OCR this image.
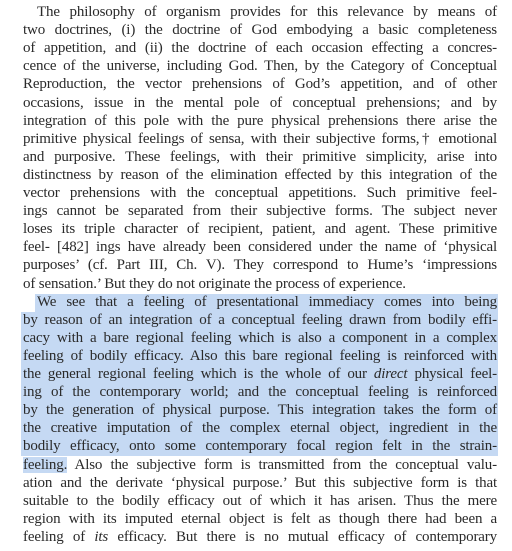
The philosophy of organism provides for this relevance by means of
two doctrines, (i) the doctrine of God embodying a basic completeness
of appetition, and (ii) the doctrine of each occasion effecting a concres-
cence of the universe, including God. Then, by the Category of Conceptual
Reproduction, the vector prehensions of God’s appetition, and of other
occasions, issue in the mental pole of conceptual prehensions; and by
integration of this pole with the pure physical prehensions there arise the
primitive physical feelings of sensa, with their subjective forms,† emotional
and purposive. These feelings, with their primitive simplicity, arise into
distinctness by reason of the elimination effected by this integration of the
vector prehensions with the conceptual appetitions. Such primitive feel-
ings cannot be separated from their subjective forms. The subject never
loses its triple character of recipient, patient, and agent. These primitive
feel- [482] ings have already been considered under the name of ‘physical
purposes’ (cf. Part III, Ch. V). They correspond to Hume’s ‘impressions
of sensation.’ But they do not originate the process of experience.
We see that a feeling of presentational immediacy comes into being
by reason of an integration of a conceptual feeling drawn from bodily effi-
cacy with a bare regional feeling which is also a component in a complex
feeling of bodily efficacy. Also this bare regional feeling is reinforced with
the general regional feeling which is the whole of our direct physical feel-
ing of the contemporary world; and the conceptual feeling is reinforced
by the generation of physical purpose. This integration takes the form of
the creative imputation of the complex eternal object, ingredient in the
bodily efficacy, onto some contemporary focal region felt in the strain-
feeling. Also the subjective form is transmitted from the conceptual valu-
ation and the derivate ‘physical purpose.’ But this subjective form is that
suitable to the bodily efficacy out of which it has arisen. Thus the mere
region with its imputed eternal object is felt as though there had been a
feeling of its efficacy. But there is no mutual efficacy of contemporary
